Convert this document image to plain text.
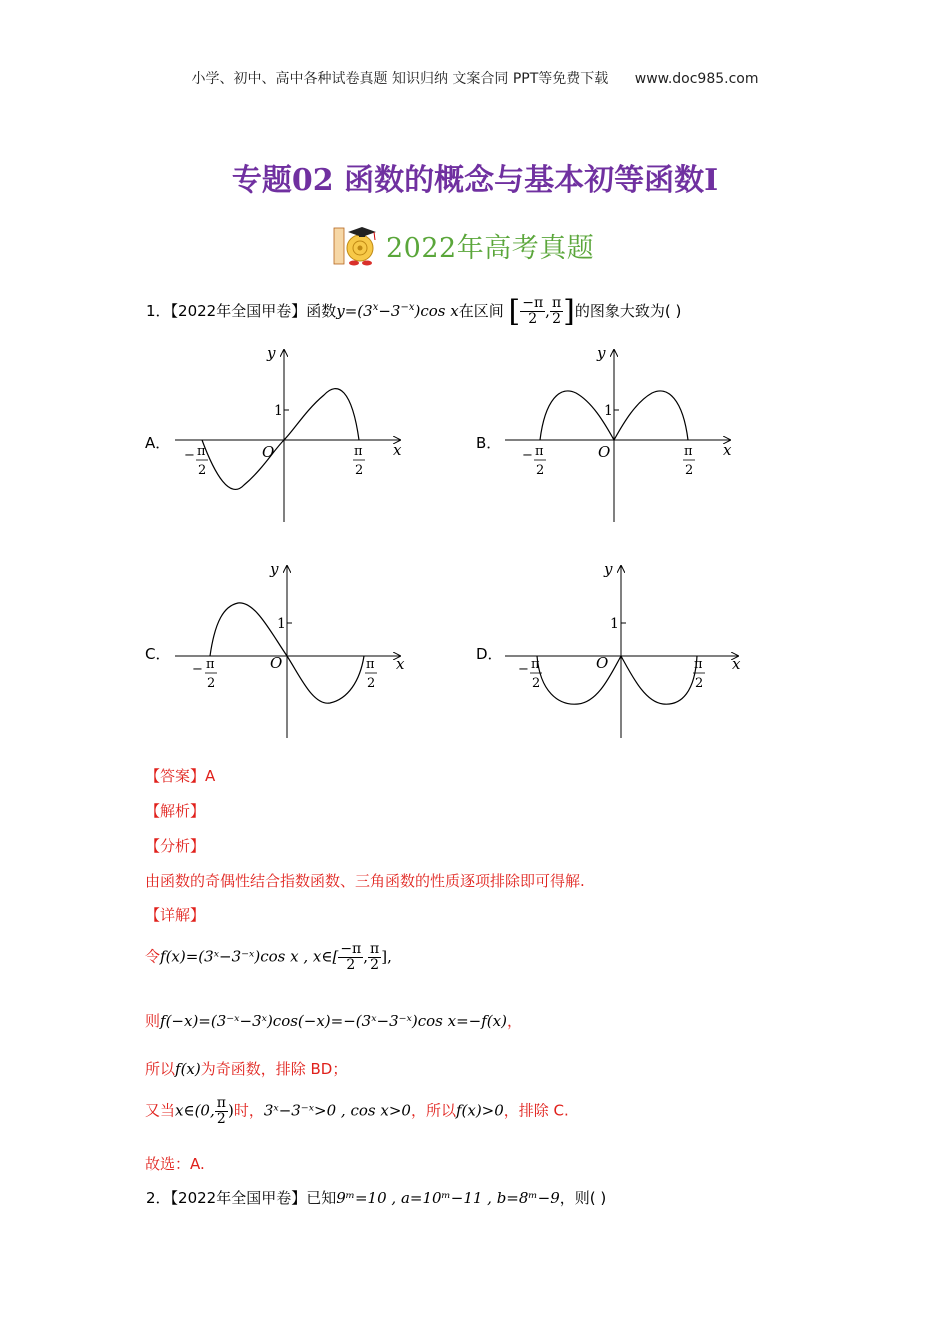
小学、初中、高中各种试卷真题 知识归纳 文案合同 PPT等免费下载 www.doc985.com
专题02 函数的概念与基本初等函数I
2022年高考真题
1．【2022年全国甲卷】函数$y=(3^x-3^{-x})\cos$ x在区间 [ $\frac{-\pi}{2}$ , $\frac{\pi}{2}$ ]的图象大致为( )
A．	B．
C．	D．
y
x
O
1
− π
2
π
2
y
x
O
1
− π
2
π
2
y
x
O
1
− π
2
π
2
y
x
O
1
− π
2
π
2
【答案】A
【解析】
【分析】
由函数的奇偶性结合指数函数、三角函数的性质逐项排除即可得解.
【详解】
令f(x)=(3ˣ−3⁻ˣ)cos x , x∈[ $\frac{-\pi}{2}$ , $\frac{\pi}{2}$ ],
则f(−x)=(3⁻ˣ−3ˣ)cos(−x)=−(3ˣ−3⁻ˣ)cos x=−f(x)，
所以f(x)为奇函数，排除 BD；
又当x∈(0, $\frac{\pi}{2}$ )时，3ˣ−3⁻ˣ>0 , cos x>0，所以f(x)>0，排除 C.
故选：A.
2．【2022年全国甲卷】已知9ᵐ=10 , a=10ᵐ−11 , b=8ᵐ−9，则( )
